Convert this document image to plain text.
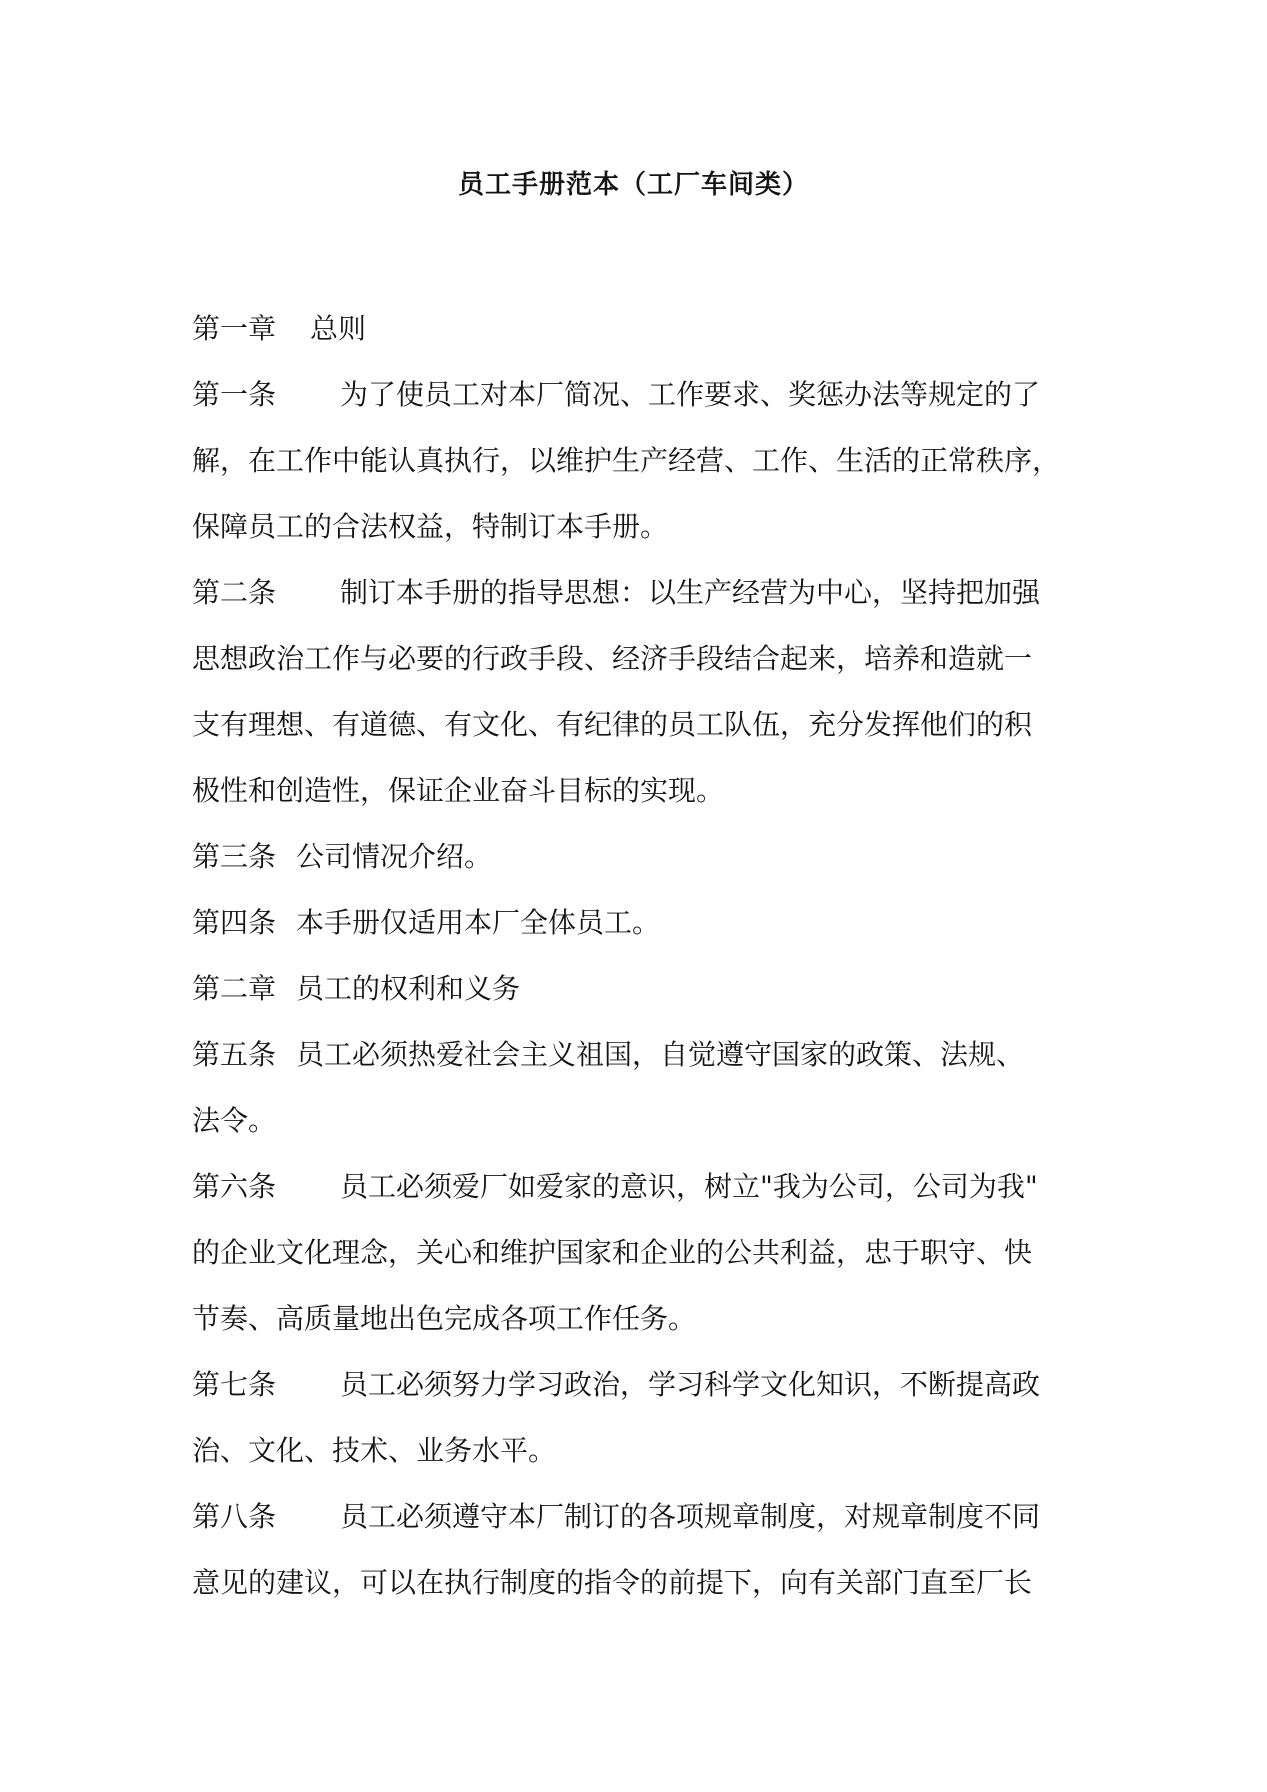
员工手册范本（工厂车间类）
第一章 总则
第一条 为了使员工对本厂简况、工作要求、奖惩办法等规定的了
解，在工作中能认真执行，以维护生产经营、工作、生活的正常秩序，
保障员工的合法权益，特制订本手册。
第二条 制订本手册的指导思想：以生产经营为中心，坚持把加强
思想政治工作与必要的行政手段、经济手段结合起来，培养和造就一
支有理想、有道德、有文化、有纪律的员工队伍，充分发挥他们的积
极性和创造性，保证企业奋斗目标的实现。
第三条 公司情况介绍。
第四条 本手册仅适用本厂全体员工。
第二章 员工的权利和义务
第五条 员工必须热爱社会主义祖国，自觉遵守国家的政策、法规、
法令。
第六条 员工必须爱厂如爱家的意识，树立"我为公司，公司为我"
的企业文化理念，关心和维护国家和企业的公共利益，忠于职守、快
节奏、高质量地出色完成各项工作任务。
第七条 员工必须努力学习政治，学习科学文化知识，不断提高政
治、文化、技术、业务水平。
第八条 员工必须遵守本厂制订的各项规章制度，对规章制度不同
意见的建议，可以在执行制度的指令的前提下，向有关部门直至厂长
